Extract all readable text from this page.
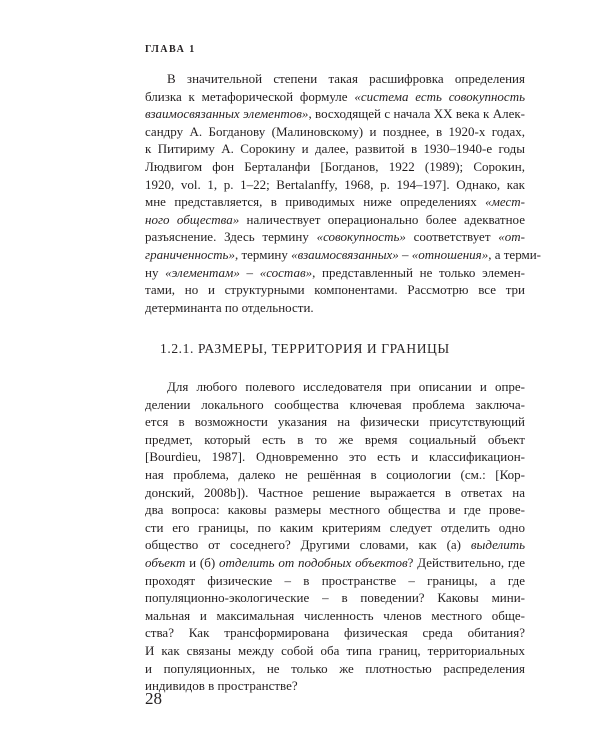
ГЛАВА 1
В значительной степени такая расшифровка определения
близка к метафорической формуле «система есть совокупность
взаимосвязанных элементов», восходящей с начала XX века к Алек-
сандру А. Богданову (Малиновскому) и позднее, в 1920-х годах,
к Питириму А. Сорокину и далее, развитой в 1930–1940-е годы
Людвигом фон Берталанфи [Богданов, 1922 (1989); Сорокин,
1920, vol. 1, p. 1–22; Bertalanffy, 1968, p. 194–197]. Однако, как
мне представляется, в приводимых ниже определениях «мест-
ного общества» наличествует операционально более адекватное
разъяснение. Здесь термину «совокупность» соответствует «от-
граниченность», термину «взаимосвязанных» – «отношения», а терми-
ну «элементам» – «состав», представленный не только элемен-
тами, но и структурными компонентами. Рассмотрю все три
детерминанта по отдельности.
1.2.1. РАЗМЕРЫ, ТЕРРИТОРИЯ И ГРАНИЦЫ
Для любого полевого исследователя при описании и опре-
делении локального сообщества ключевая проблема заключа-
ется в возможности указания на физически присутствующий
предмет, который есть в то же время социальный объект
[Bourdieu, 1987]. Одновременно это есть и классификацион-
ная проблема, далеко не решённая в социологии (см.: [Кор-
донский, 2008b]). Частное решение выражается в ответах на
два вопроса: каковы размеры местного общества и где прове-
сти его границы, по каким критериям следует отделить одно
общество от соседнего? Другими словами, как (а) выделить
объект и (б) отделить от подобных объектов? Действительно, где
проходят физические – в пространстве – границы, а где
популяционно-экологические – в поведении? Каковы мини-
мальная и максимальная численность членов местного обще-
ства? Как трансформирована физическая среда обитания?
И как связаны между собой оба типа границ, территориальных
и популяционных, не только же плотностью распределения
индивидов в пространстве?
28
